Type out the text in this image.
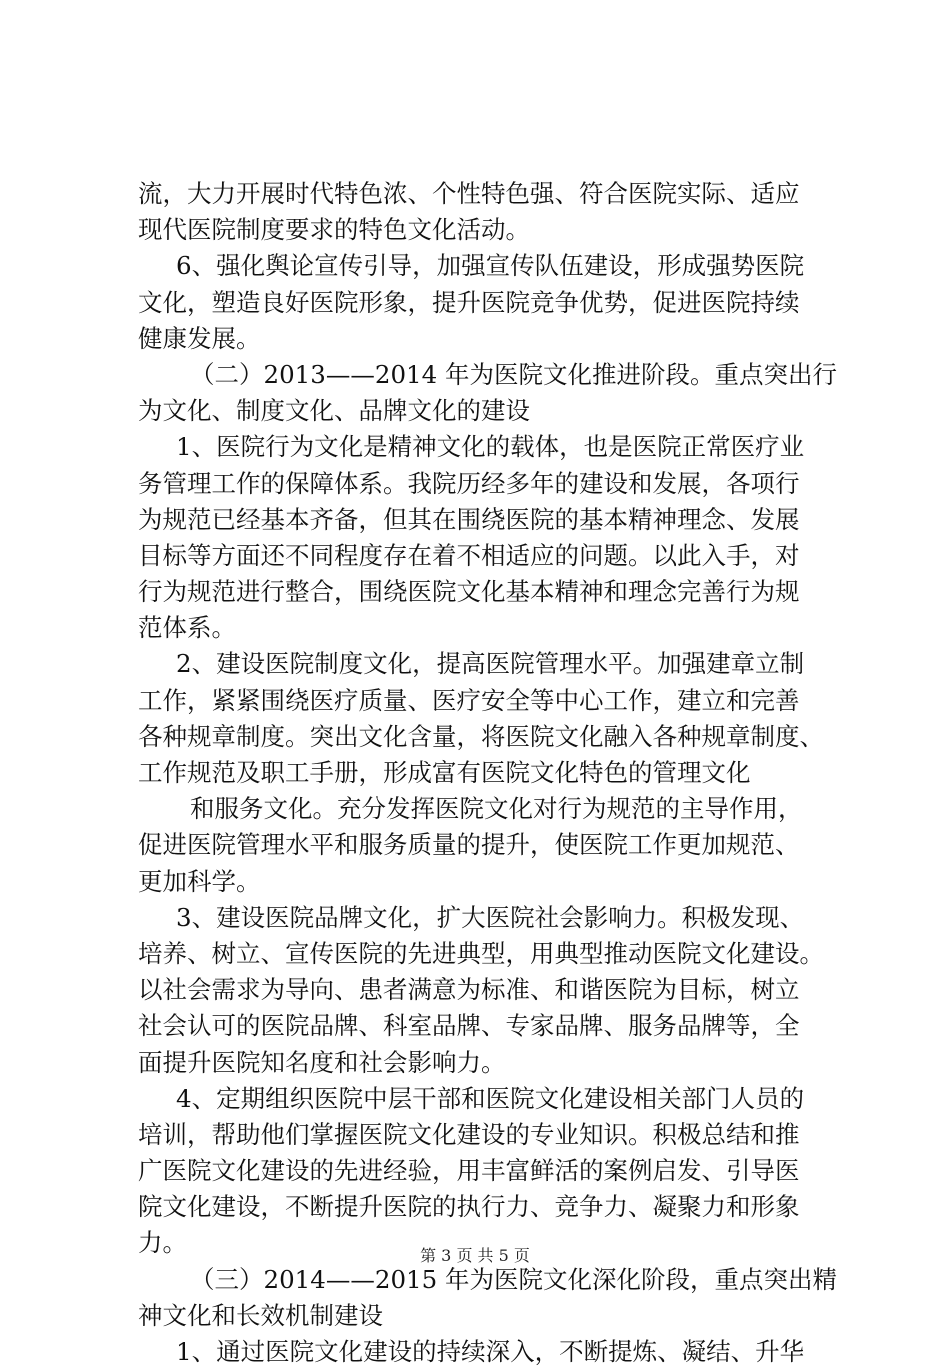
流，大力开展时代特色浓、个性特色强、符合医院实际、适应
现代医院制度要求的特色文化活动。
6、强化舆论宣传引导，加强宣传队伍建设，形成强势医院
文化，塑造良好医院形象，提升医院竞争优势，促进医院持续
健康发展。
（二）2013——2014 年为医院文化推进阶段。重点突出行
为文化、制度文化、品牌文化的建设
1、医院行为文化是精神文化的载体，也是医院正常医疗业
务管理工作的保障体系。我院历经多年的建设和发展，各项行
为规范已经基本齐备，但其在围绕医院的基本精神理念、发展
目标等方面还不同程度存在着不相适应的问题。以此入手，对
行为规范进行整合，围绕医院文化基本精神和理念完善行为规
范体系。
2、建设医院制度文化，提高医院管理水平。加强建章立制
工作，紧紧围绕医疗质量、医疗安全等中心工作，建立和完善
各种规章制度。突出文化含量，将医院文化融入各种规章制度、
工作规范及职工手册，形成富有医院文化特色的管理文化
和服务文化。充分发挥医院文化对行为规范的主导作用，
促进医院管理水平和服务质量的提升，使医院工作更加规范、
更加科学。
3、建设医院品牌文化，扩大医院社会影响力。积极发现、
培养、树立、宣传医院的先进典型，用典型推动医院文化建设。
以社会需求为导向、患者满意为标准、和谐医院为目标，树立
社会认可的医院品牌、科室品牌、专家品牌、服务品牌等，全
面提升医院知名度和社会影响力。
4、定期组织医院中层干部和医院文化建设相关部门人员的
培训，帮助他们掌握医院文化建设的专业知识。积极总结和推
广医院文化建设的先进经验，用丰富鲜活的案例启发、引导医
院文化建设，不断提升医院的执行力、竞争力、凝聚力和形象
力。
（三）2014——2015 年为医院文化深化阶段，重点突出精
神文化和长效机制建设
1、通过医院文化建设的持续深入，不断提炼、凝结、升华
第 3 页 共 5 页
